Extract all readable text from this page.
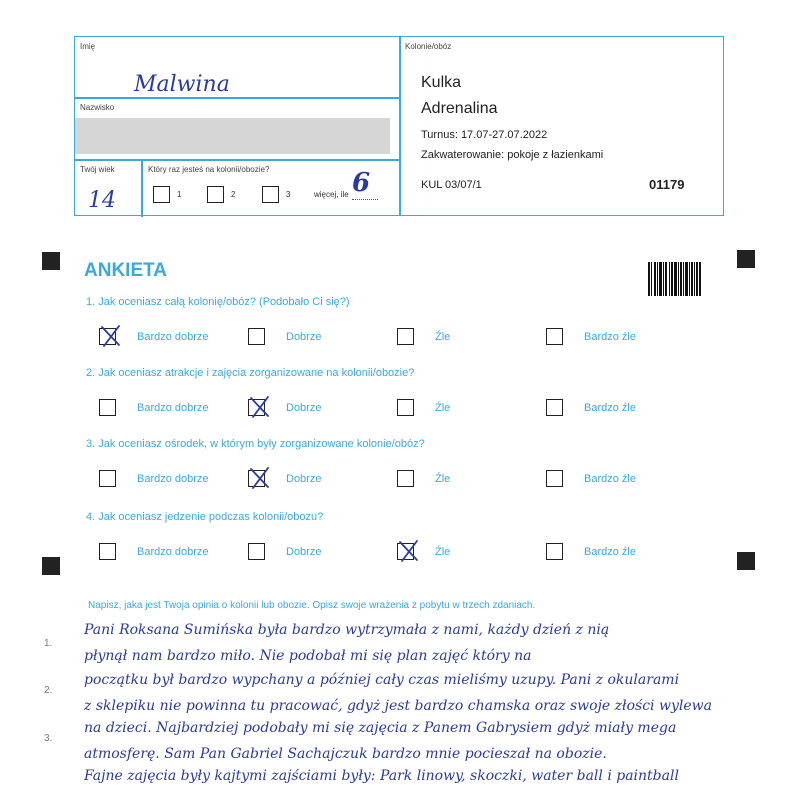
Imię
Malwina
Nazwisko
Twój wiek
14
Który raz jesteś na kolonii/obozie?
1	2	3	więcej, ile 6
Kolonie/obóz
Kulka
Adrenalina
Turnus: 17.07-27.07.2022
Zakwaterowanie: pokoje z łazienkami
KUL 03/07/1	01179
ANKIETA
1. Jak oceniasz całą kolonię/obóz? (Podobało Ci się?)
Bardzo dobrze	Dobrze	Źle	Bardzo źle
2. Jak oceniasz atrakcje i zajęcia zorganizowane na kolonii/obozie?
Bardzo dobrze	Dobrze	Źle	Bardzo źle
3. Jak oceniasz ośrodek, w którym były zorganizowane kolonie/obóz?
Bardzo dobrze	Dobrze	Źle	Bardzo źle
4. Jak oceniasz jedzenie podczas kolonii/obozu?
Bardzo dobrze	Dobrze	Źle	Bardzo źle
Napisz, jaka jest Twoja opinia o kolonii lub obozie. Opisz swoje wrażenia z pobytu w trzech zdaniach.
1.
2.
3.
Pani Roksana Sumińska była bardzo wytrzymała z nami, każdy dzień z nią
płynął nam bardzo miło. Nie podobał mi się plan zajęć który na
początku był bardzo wypchany a później cały czas mieliśmy uzupy. Pani z okularami
z sklepiku nie powinna tu pracować, gdyż jest bardzo chamska oraz swoje złości wylewa
na dzieci. Najbardziej podobały mi się zajęcia z Panem Gabrysiem gdyż miały mega
atmosferę. Sam Pan Gabriel Sachajczuk bardzo mnie pocieszał na obozie.
Fajne zajęcia były kajtymi zajściami były: Park linowy, skoczki, water ball i paintball
